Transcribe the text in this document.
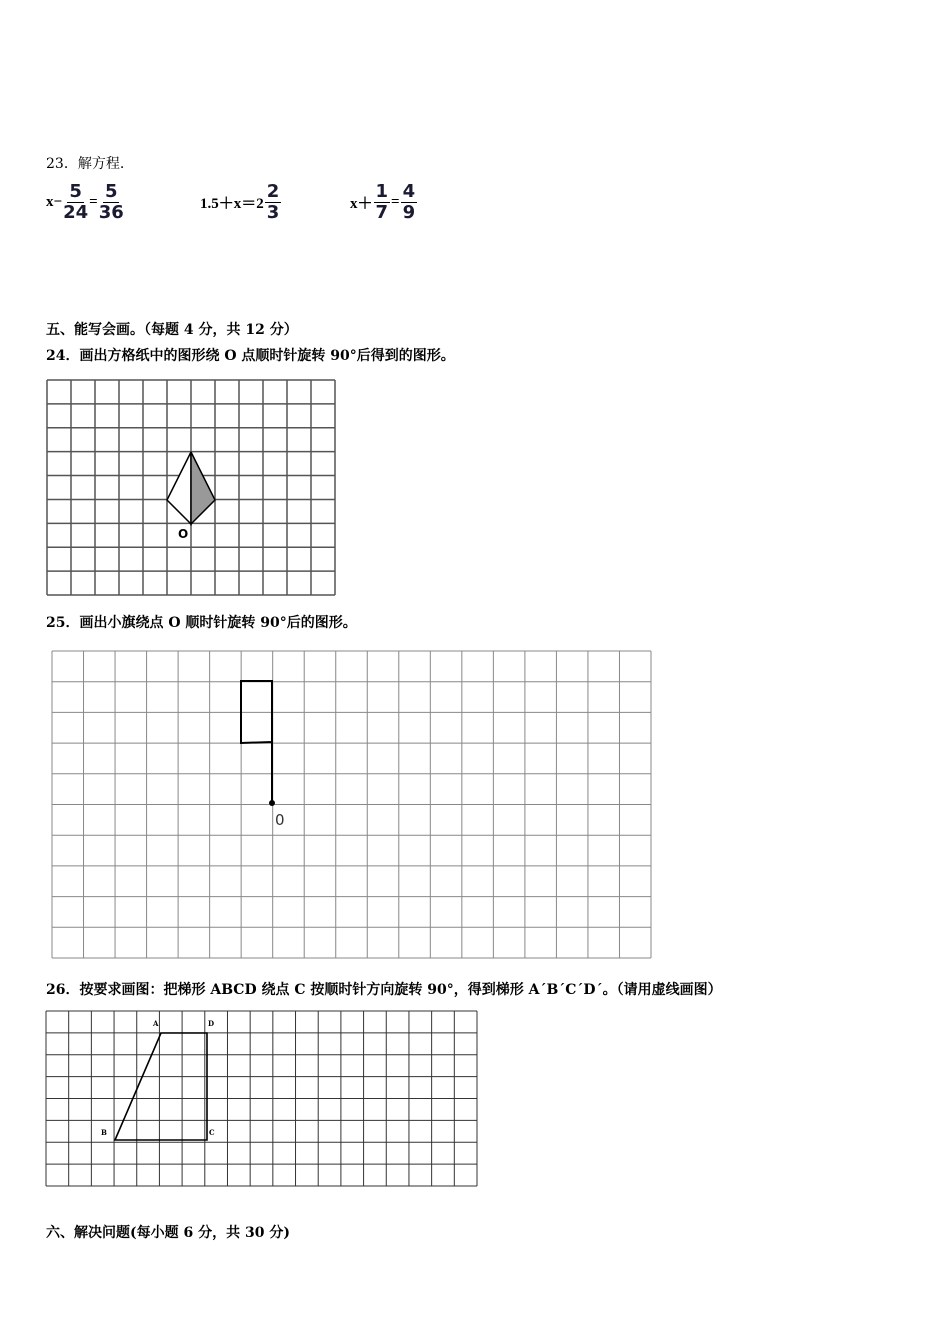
23．解方程.
$x- \frac{5}{24} = \frac{5}{36}$	$1.5+x=2 \frac{2}{3}$	$x+ \frac{1}{7} = \frac{4}{9}$
五、能写会画。（每题 4 分，共 12 分）
24．画出方格纸中的图形绕 O 点顺时针旋转 90°后得到的图形。
25．画出小旗绕点 O 顺时针旋转 90°后的图形。
26．按要求画图：把梯形 ABCD 绕点 C 按顺时针方向旋转 90°，得到梯形 A´B´C´D´。（请用虚线画图）
六、解决问题(每小题 6 分，共 30 分)
O
0
A	D
B	C
